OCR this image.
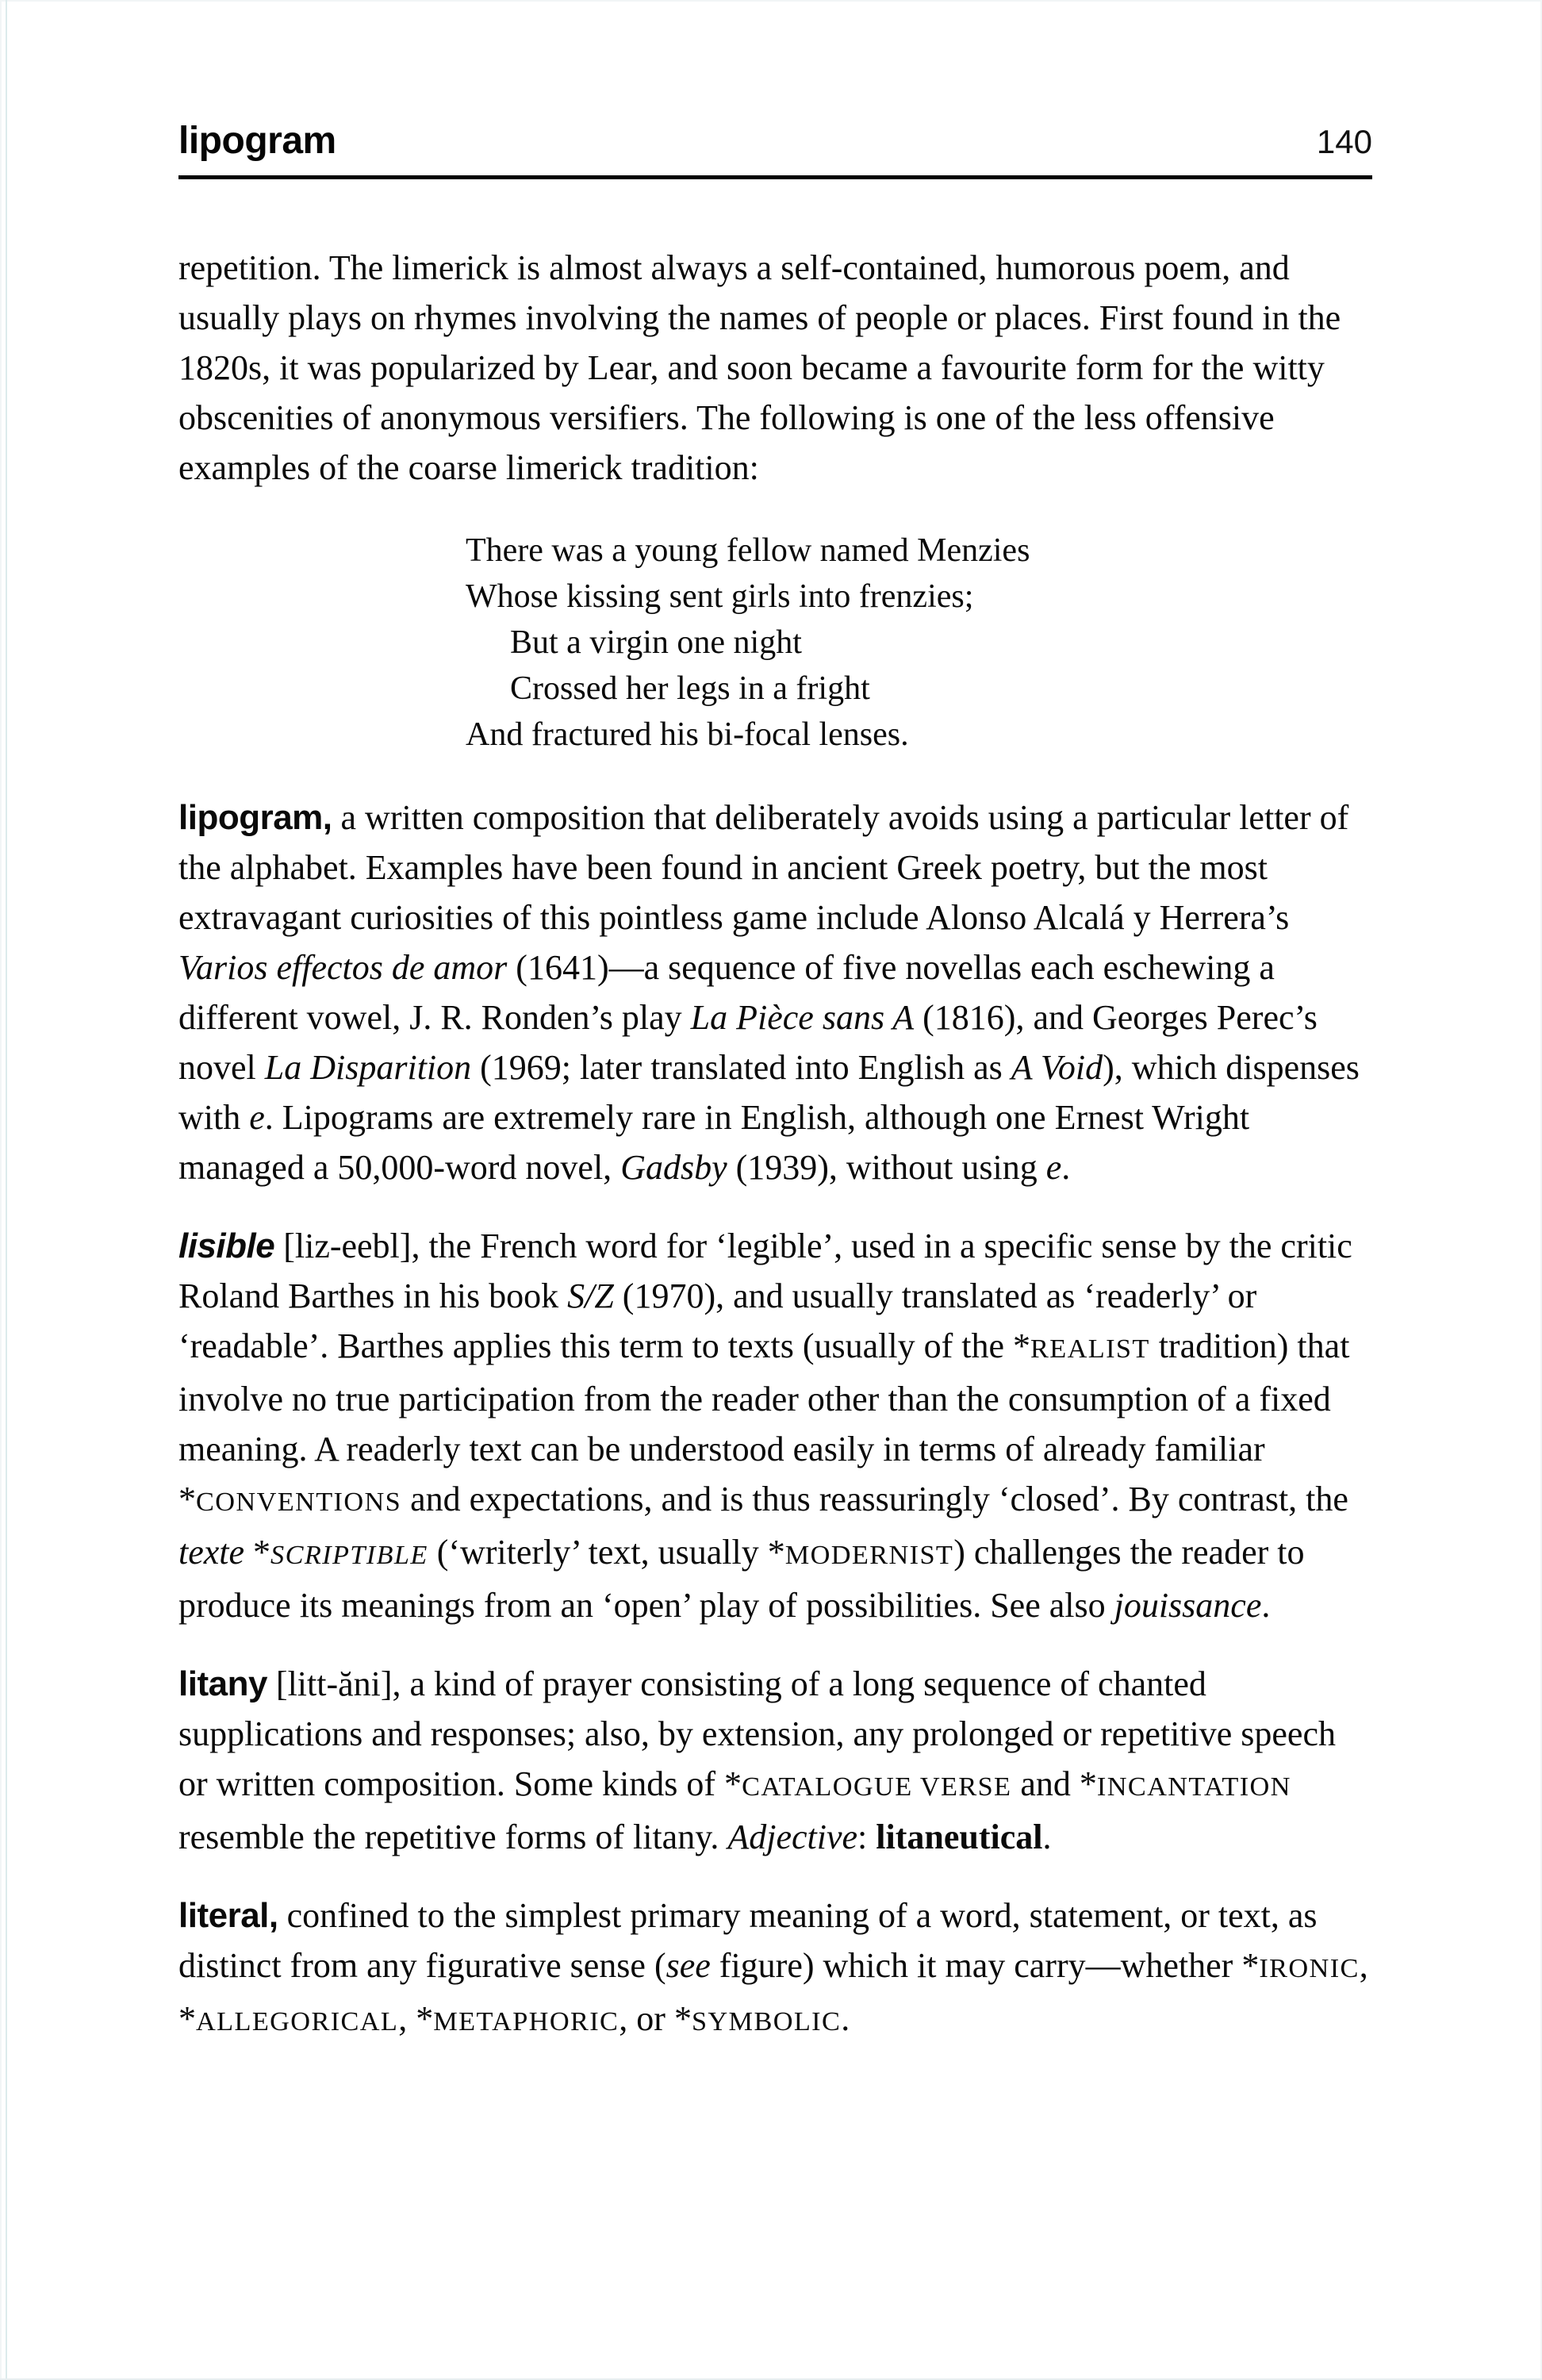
lipogram	140

repetition. The limerick is almost always a self-contained, humorous poem, and usually plays on rhymes involving the names of people or places. First found in the 1820s, it was popularized by Lear, and soon became a favourite form for the witty obscenities of anonymous versifiers. The following is one of the less offensive examples of the coarse limerick tradition:

There was a young fellow named Menzies
Whose kissing sent girls into frenzies;
But a virgin one night
Crossed her legs in a fright
And fractured his bi-focal lenses.

lipogram, a written composition that deliberately avoids using a particular letter of the alphabet. Examples have been found in ancient Greek poetry, but the most extravagant curiosities of this pointless game include Alonso Alcalá y Herrera’s Varios effectos de amor (1641)—a sequence of five novellas each eschewing a different vowel, J. R. Ronden’s play La Pièce sans A (1816), and Georges Perec’s novel La Disparition (1969; later translated into English as A Void), which dispenses with e. Lipograms are extremely rare in English, although one Ernest Wright managed a 50,000-word novel, Gadsby (1939), without using e.

lisible [liz-eebl], the French word for ‘legible’, used in a specific sense by the critic Roland Barthes in his book S/Z (1970), and usually translated as ‘readerly’ or ‘readable’. Barthes applies this term to texts (usually of the *REALIST tradition) that involve no true participation from the reader other than the consumption of a fixed meaning. A readerly text can be understood easily in terms of already familiar *CONVENTIONS and expectations, and is thus reassuringly ‘closed’. By contrast, the texte *SCRIPTIBLE (‘writerly’ text, usually *MODERNIST) challenges the reader to produce its meanings from an ‘open’ play of possibilities. See also jouissance.

litany [litt-ăni], a kind of prayer consisting of a long sequence of chanted supplications and responses; also, by extension, any prolonged or repetitive speech or written composition. Some kinds of *CATALOGUE VERSE and *INCANTATION resemble the repetitive forms of litany. Adjective: litaneutical.

literal, confined to the simplest primary meaning of a word, statement, or text, as distinct from any figurative sense (see figure) which it may carry—whether *IRONIC, *ALLEGORICAL, *METAPHORIC, or *SYMBOLIC.
